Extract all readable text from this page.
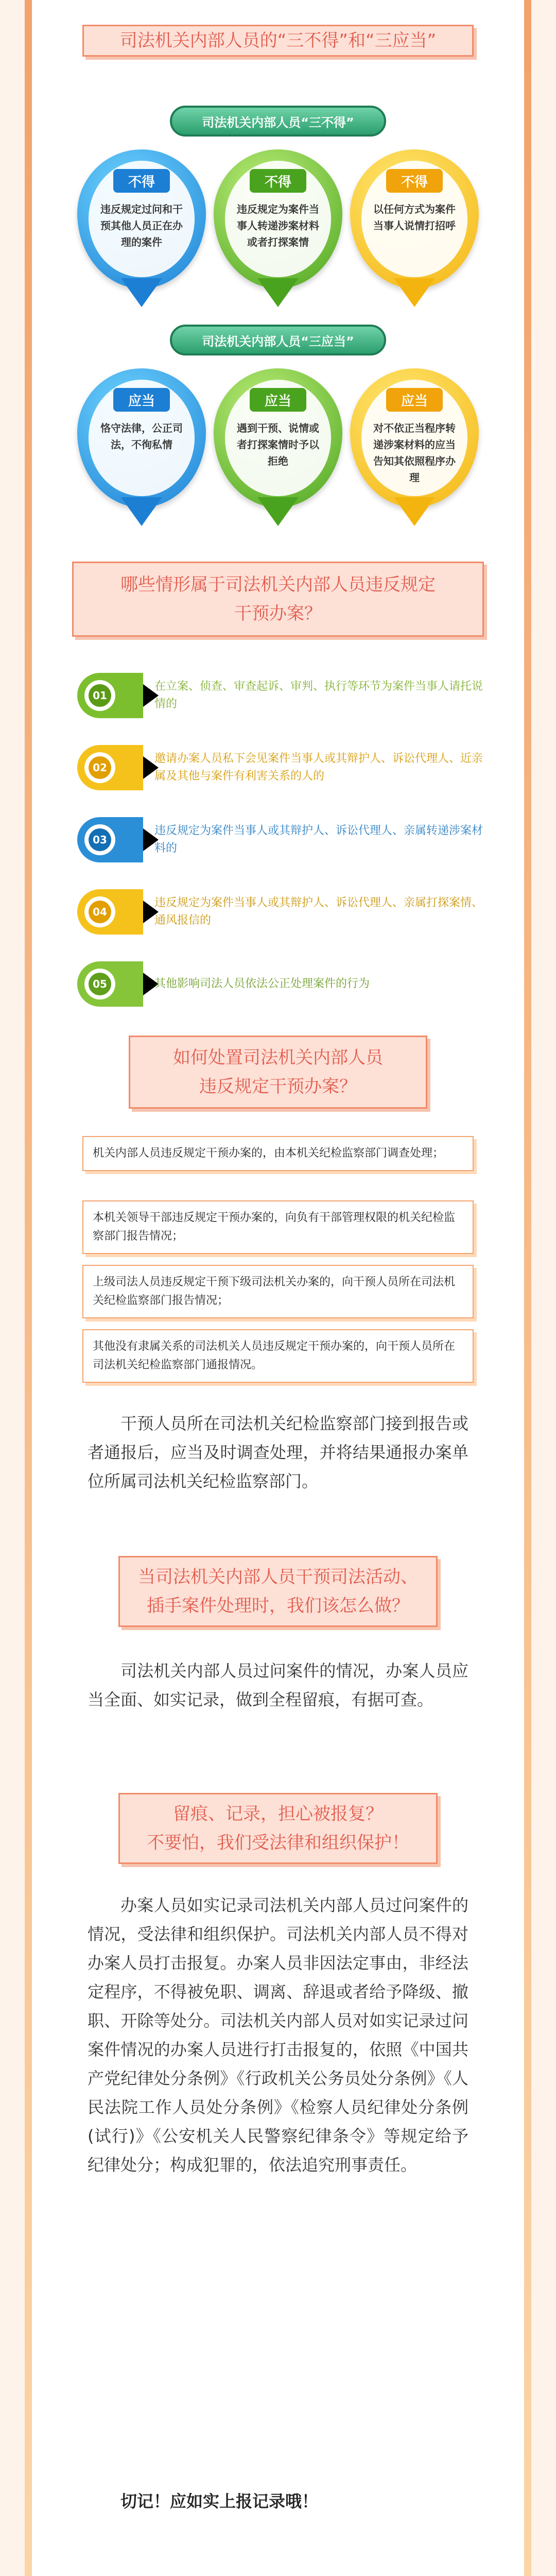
司法机关内部人员的“三不得”和“三应当”
司法机关内部人员“三不得”
不得
违反规定过问和干预其他人员正在办理的案件
不得
违反规定为案件当事人转递涉案材料或者打探案情
不得
以任何方式为案件当事人说情打招呼
司法机关内部人员“三应当”
应当
恪守法律，公正司法，不徇私情
应当
遇到干预、说情或者打探案情时予以拒绝
应当
对不依正当程序转递涉案材料的应当告知其依照程序办理
哪些情形属于司法机关内部人员违反规定
干预办案？
01
在立案、侦查、审查起诉、审判、执行等环节为案件当事人请托说情的
02
邀请办案人员私下会见案件当事人或其辩护人、诉讼代理人、近亲属及其他与案件有利害关系的人的
03
违反规定为案件当事人或其辩护人、诉讼代理人、亲属转递涉案材料的
04
违反规定为案件当事人或其辩护人、诉讼代理人、亲属打探案情、通风报信的
05	其他影响司法人员依法公正处理案件的行为
如何处置司法机关内部人员
违反规定干预办案？
机关内部人员违反规定干预办案的，由本机关纪检监察部门调查处理；
本机关领导干部违反规定干预办案的，向负有干部管理权限的机关纪检监察部门报告情况；
上级司法人员违反规定干预下级司法机关办案的，向干预人员所在司法机关纪检监察部门报告情况；
其他没有隶属关系的司法机关人员违反规定干预办案的，向干预人员所在司法机关纪检监察部门通报情况。
干预人员所在司法机关纪检监察部门接到报告或者通报后，应当及时调查处理，并将结果通报办案单位所属司法机关纪检监察部门。
当司法机关内部人员干预司法活动、
插手案件处理时，我们该怎么做？
司法机关内部人员过问案件的情况，办案人员应当全面、如实记录，做到全程留痕，有据可查。
留痕、记录，担心被报复？
不要怕，我们受法律和组织保护！
办案人员如实记录司法机关内部人员过问案件的情况，受法律和组织保护。司法机关内部人员不得对办案人员打击报复。办案人员非因法定事由，非经法定程序，不得被免职、调离、辞退或者给予降级、撤职、开除等处分。司法机关内部人员对如实记录过问案件情况的办案人员进行打击报复的，依照《中国共产党纪律处分条例》《行政机关公务员处分条例》《人民法院工作人员处分条例》《检察人员纪律处分条例(试行)》《公安机关人民警察纪律条令》等规定给予纪律处分；构成犯罪的，依法追究刑事责任。
切记！应如实上报记录哦！
